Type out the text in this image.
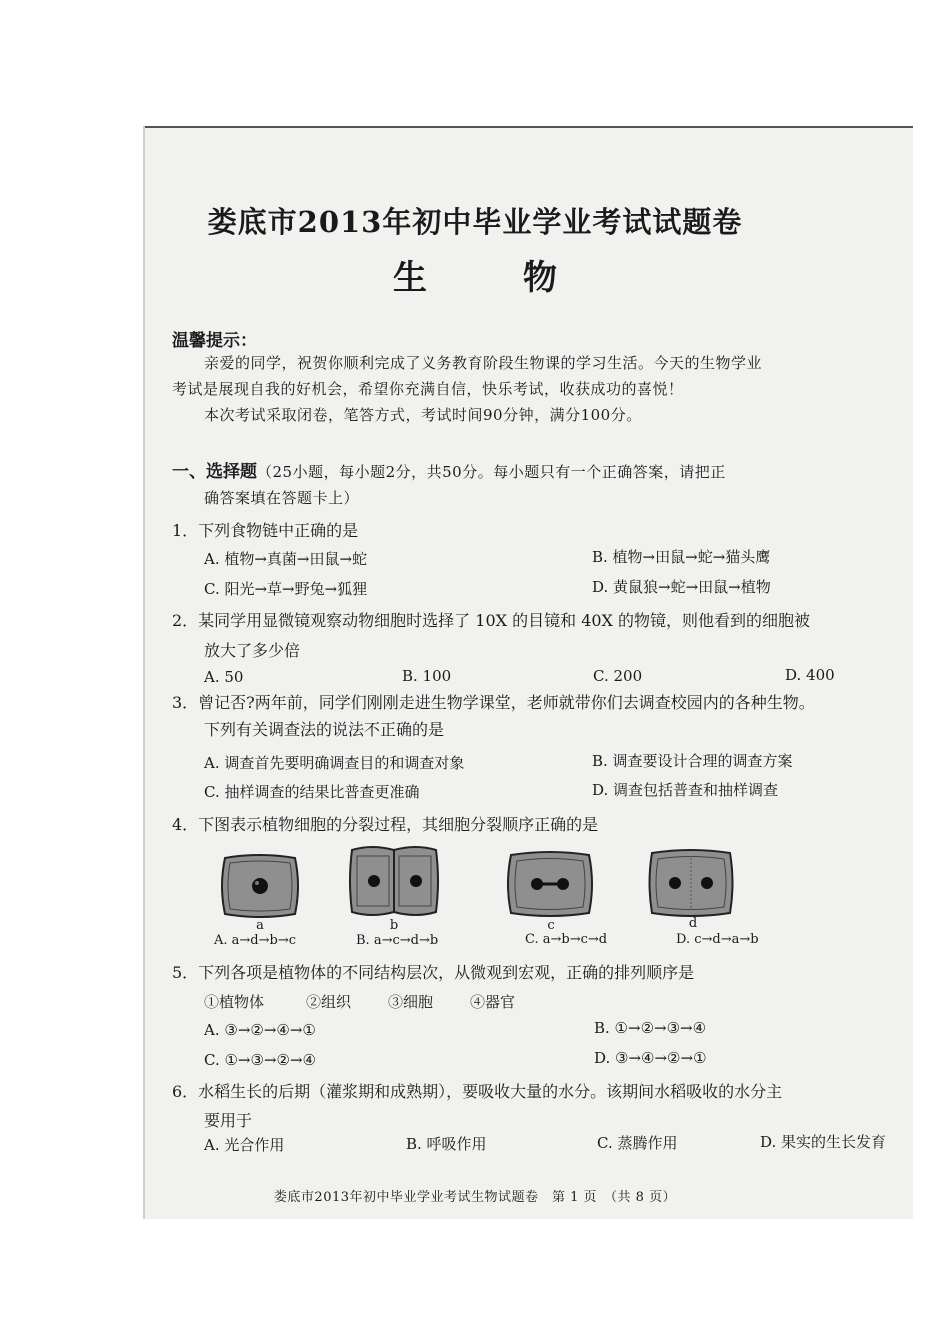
娄底市2013年初中毕业学业考试试题卷
生	物
温馨提示：
亲爱的同学，祝贺你顺利完成了义务教育阶段生物课的学习生活。今天的生物学业
考试是展现自我的好机会，希望你充满自信，快乐考试，收获成功的喜悦！
本次考试采取闭卷，笔答方式，考试时间90分钟，满分100分。
一、选择题（25小题，每小题2分，共50分。每小题只有一个正确答案，请把正
确答案填在答题卡上）
1．下列食物链中正确的是
A. 植物→真菌→田鼠→蛇	B. 植物→田鼠→蛇→猫头鹰
C. 阳光→草→野兔→狐狸	D. 黄鼠狼→蛇→田鼠→植物
2．某同学用显微镜观察动物细胞时选择了 10X 的目镜和 40X 的物镜，则他看到的细胞被
放大了多少倍
A. 50	B. 100	C. 200	D. 400
3．曾记否?两年前，同学们刚刚走进生物学课堂，老师就带你们去调查校园内的各种生物。
下列有关调查法的说法不正确的是
A. 调查首先要明确调查目的和调查对象	B. 调查要设计合理的调查方案
C. 抽样调查的结果比普查更准确	D. 调查包括普查和抽样调查
4．下图表示植物细胞的分裂过程，其细胞分裂顺序正确的是
a	b	c	d
A. a→d→b→c	B. a→c→d→b	C. a→b→c→d	D. c→d→a→b
5．下列各项是植物体的不同结构层次，从微观到宏观，正确的排列顺序是
①植物体	②组织 ③细胞 ④器官
A. ③→②→④→①	B. ①→②→③→④
C. ①→③→②→④	D. ③→④→②→①
6．水稻生长的后期（灌浆期和成熟期），要吸收大量的水分。该期间水稻吸收的水分主
要用于
A. 光合作用	B. 呼吸作用	C. 蒸腾作用	D. 果实的生长发育
娄底市2013年初中毕业学业考试生物试题卷　第 1 页　（共 8 页）
